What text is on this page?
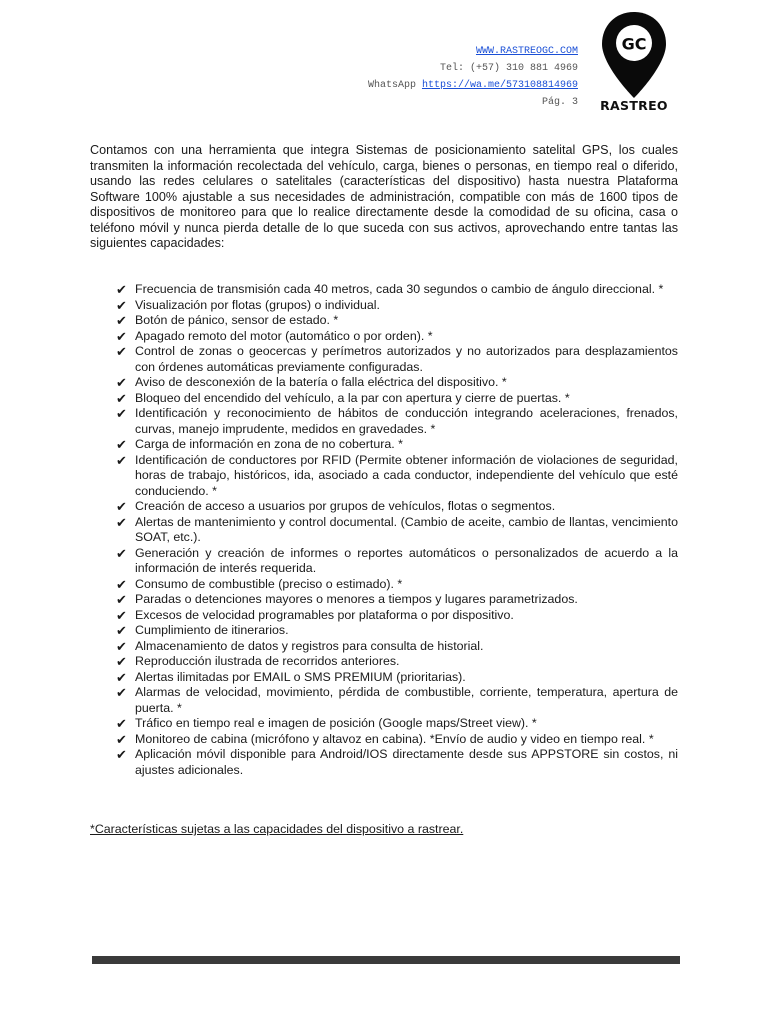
WWW.RASTREOGC.COM
Tel: (+57) 310 881 4969
WhatsApp https://wa.me/573108814969
Pág. 3
GC
RASTREO

Contamos con una herramienta que integra Sistemas de posicionamiento satelital GPS, los cuales transmiten la información recolectada del vehículo, carga, bienes o personas, en tiempo real o diferido, usando las redes celulares o satelitales (características del dispositivo) hasta nuestra Plataforma Software 100% ajustable a sus necesidades de administración, compatible con más de 1600 tipos de dispositivos de monitoreo para que lo realice directamente desde la comodidad de su oficina, casa o teléfono móvil y nunca pierda detalle de lo que suceda con sus activos, aprovechando entre tantas las siguientes capacidades:

✔ Frecuencia de transmisión cada 40 metros, cada 30 segundos o cambio de ángulo direccional. *
✔ Visualización por flotas (grupos) o individual.
✔ Botón de pánico, sensor de estado. *
✔ Apagado remoto del motor (automático o por orden). *
✔ Control de zonas o geocercas y perímetros autorizados y no autorizados para desplazamientos con órdenes automáticas previamente configuradas.
✔ Aviso de desconexión de la batería o falla eléctrica del dispositivo. *
✔ Bloqueo del encendido del vehículo, a la par con apertura y cierre de puertas. *
✔ Identificación y reconocimiento de hábitos de conducción integrando aceleraciones, frenados, curvas, manejo imprudente, medidos en gravedades. *
✔ Carga de información en zona de no cobertura. *
✔ Identificación de conductores por RFID (Permite obtener información de violaciones de seguridad, horas de trabajo, históricos, ida, asociado a cada conductor, independiente del vehículo que esté conduciendo. *
✔ Creación de acceso a usuarios por grupos de vehículos, flotas o segmentos.
✔ Alertas de mantenimiento y control documental. (Cambio de aceite, cambio de llantas, vencimiento SOAT, etc.).
✔ Generación y creación de informes o reportes automáticos o personalizados de acuerdo a la información de interés requerida.
✔ Consumo de combustible (preciso o estimado). *
✔ Paradas o detenciones mayores o menores a tiempos y lugares parametrizados.
✔ Excesos de velocidad programables por plataforma o por dispositivo.
✔ Cumplimiento de itinerarios.
✔ Almacenamiento de datos y registros para consulta de historial.
✔ Reproducción ilustrada de recorridos anteriores.
✔ Alertas ilimitadas por EMAIL o SMS PREMIUM (prioritarias).
✔ Alarmas de velocidad, movimiento, pérdida de combustible, corriente, temperatura, apertura de puerta. *
✔ Tráfico en tiempo real e imagen de posición (Google maps/Street view). *
✔ Monitoreo de cabina (micrófono y altavoz en cabina). *Envío de audio y video en tiempo real. *
✔ Aplicación móvil disponible para Android/IOS directamente desde sus APPSTORE sin costos, ni ajustes adicionales.

*Características sujetas a las capacidades del dispositivo a rastrear.
